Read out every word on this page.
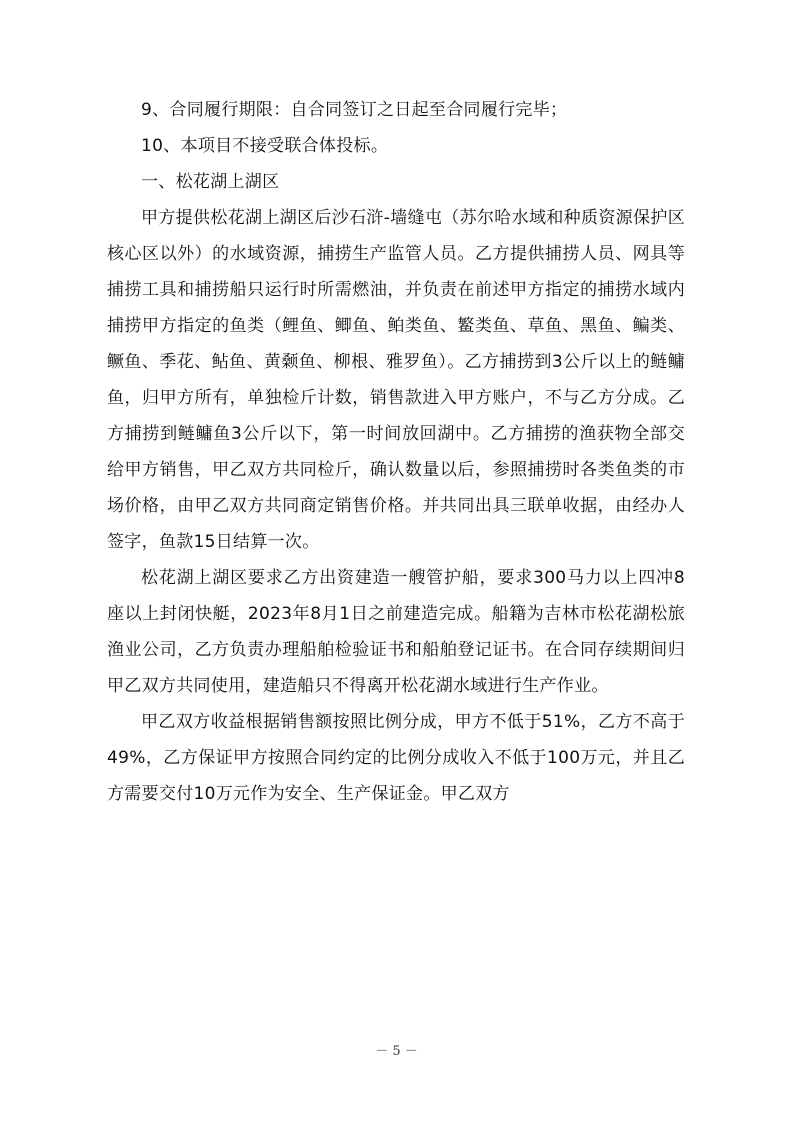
9、合同履行期限：自合同签订之日起至合同履行完毕；

10、本项目不接受联合体投标。

一、松花湖上湖区

甲方提供松花湖上湖区后沙石浒-墙缝屯（苏尔哈水域和种质资源保护区核心区以外）的水域资源，捕捞生产监管人员。乙方提供捕捞人员、网具等捕捞工具和捕捞船只运行时所需燃油，并负责在前述甲方指定的捕捞水域内捕捞甲方指定的鱼类（鲤鱼、鲫鱼、鲌类鱼、鳘类鱼、草鱼、黑鱼、鳊类、鳜鱼、季花、鲇鱼、黄颡鱼、柳根、雅罗鱼）。乙方捕捞到3公斤以上的鲢鳙鱼，归甲方所有，单独检斤计数，销售款进入甲方账户，不与乙方分成。乙方捕捞到鲢鳙鱼3公斤以下，第一时间放回湖中。乙方捕捞的渔获物全部交给甲方销售，甲乙双方共同检斤，确认数量以后，参照捕捞时各类鱼类的市场价格，由甲乙双方共同商定销售价格。并共同出具三联单收据，由经办人签字，鱼款15日结算一次。

松花湖上湖区要求乙方出资建造一艘管护船，要求300马力以上四冲8座以上封闭快艇，2023年8月1日之前建造完成。船籍为吉林市松花湖松旅渔业公司，乙方负责办理船舶检验证书和船舶登记证书。在合同存续期间归甲乙双方共同使用，建造船只不得离开松花湖水域进行生产作业。

甲乙双方收益根据销售额按照比例分成，甲方不低于51%，乙方不高于49%，乙方保证甲方按照合同约定的比例分成收入不低于100万元，并且乙方需要交付10万元作为安全、生产保证金。甲乙双方

－ 5 －
